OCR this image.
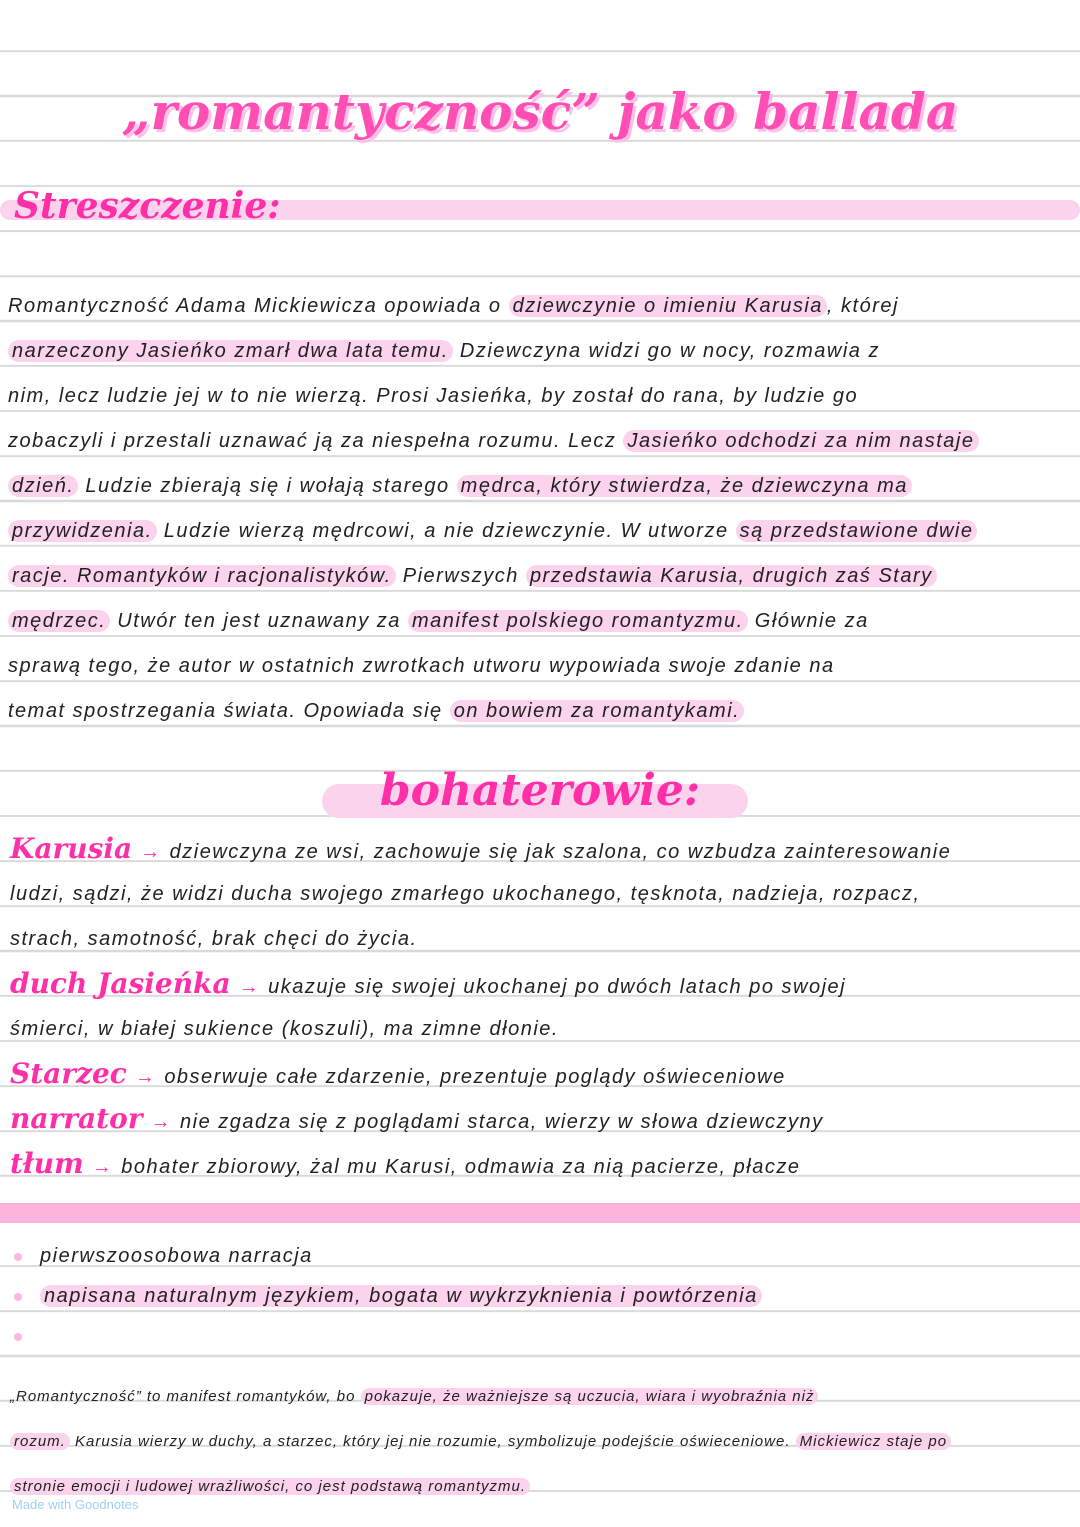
„romantyczność” jako ballada
Streszczenie:
Romantyczność Adama Mickiewicza opowiada o dziewczynie o imieniu Karusia , której
narzeczony Jasieńko zmarł dwa lata temu. Dziewczyna widzi go w nocy, rozmawia z
nim, lecz ludzie jej w to nie wierzą. Prosi Jasieńka, by został do rana, by ludzie go
zobaczyli i przestali uznawać ją za niespełna rozumu. Lecz Jasieńko odchodzi za nim nastaje
dzień. Ludzie zbierają się i wołają starego mędrca, który stwierdza, że dziewczyna ma
przywidzenia. Ludzie wierzą mędrcowi, a nie dziewczynie. W utworze są przedstawione dwie
racje. Romantyków i racjonalistyków. Pierwszych przedstawia Karusia, drugich zaś Stary
mędrzec. Utwór ten jest uznawany za manifest polskiego romantyzmu. Głównie za
sprawą tego, że autor w ostatnich zwrotkach utworu wypowiada swoje zdanie na
temat spostrzegania świata. Opowiada się on bowiem za romantykami.
bohaterowie:
Karusia → dziewczyna ze wsi, zachowuje się jak szalona, co wzbudza zainteresowanie
ludzi, sądzi, że widzi ducha swojego zmarłego ukochanego, tęsknota, nadzieja, rozpacz,
strach, samotność, brak chęci do życia.
duch Jasieńka → ukazuje się swojej ukochanej po dwóch latach po swojej
śmierci, w białej sukience (koszuli), ma zimne dłonie.
Starzec → obserwuje całe zdarzenie, prezentuje poglądy oświeceniowe
narrator → nie zgadza się z poglądami starca, wierzy w słowa dziewczyny
tłum → bohater zbiorowy, żal mu Karusi, odmawia za nią pacierze, płacze
pierwszoosobowa narracja
napisana naturalnym językiem, bogata w wykrzyknienia i powtórzenia
„Romantyczność” to manifest romantyków, bo pokazuje, że ważniejsze są uczucia, wiara i wyobraźnia niż
rozum. Karusia wierzy w duchy, a starzec, który jej nie rozumie, symbolizuje podejście oświeceniowe. Mickiewicz staje po
stronie emocji i ludowej wrażliwości, co jest podstawą romantyzmu.
Made with Goodnotes
